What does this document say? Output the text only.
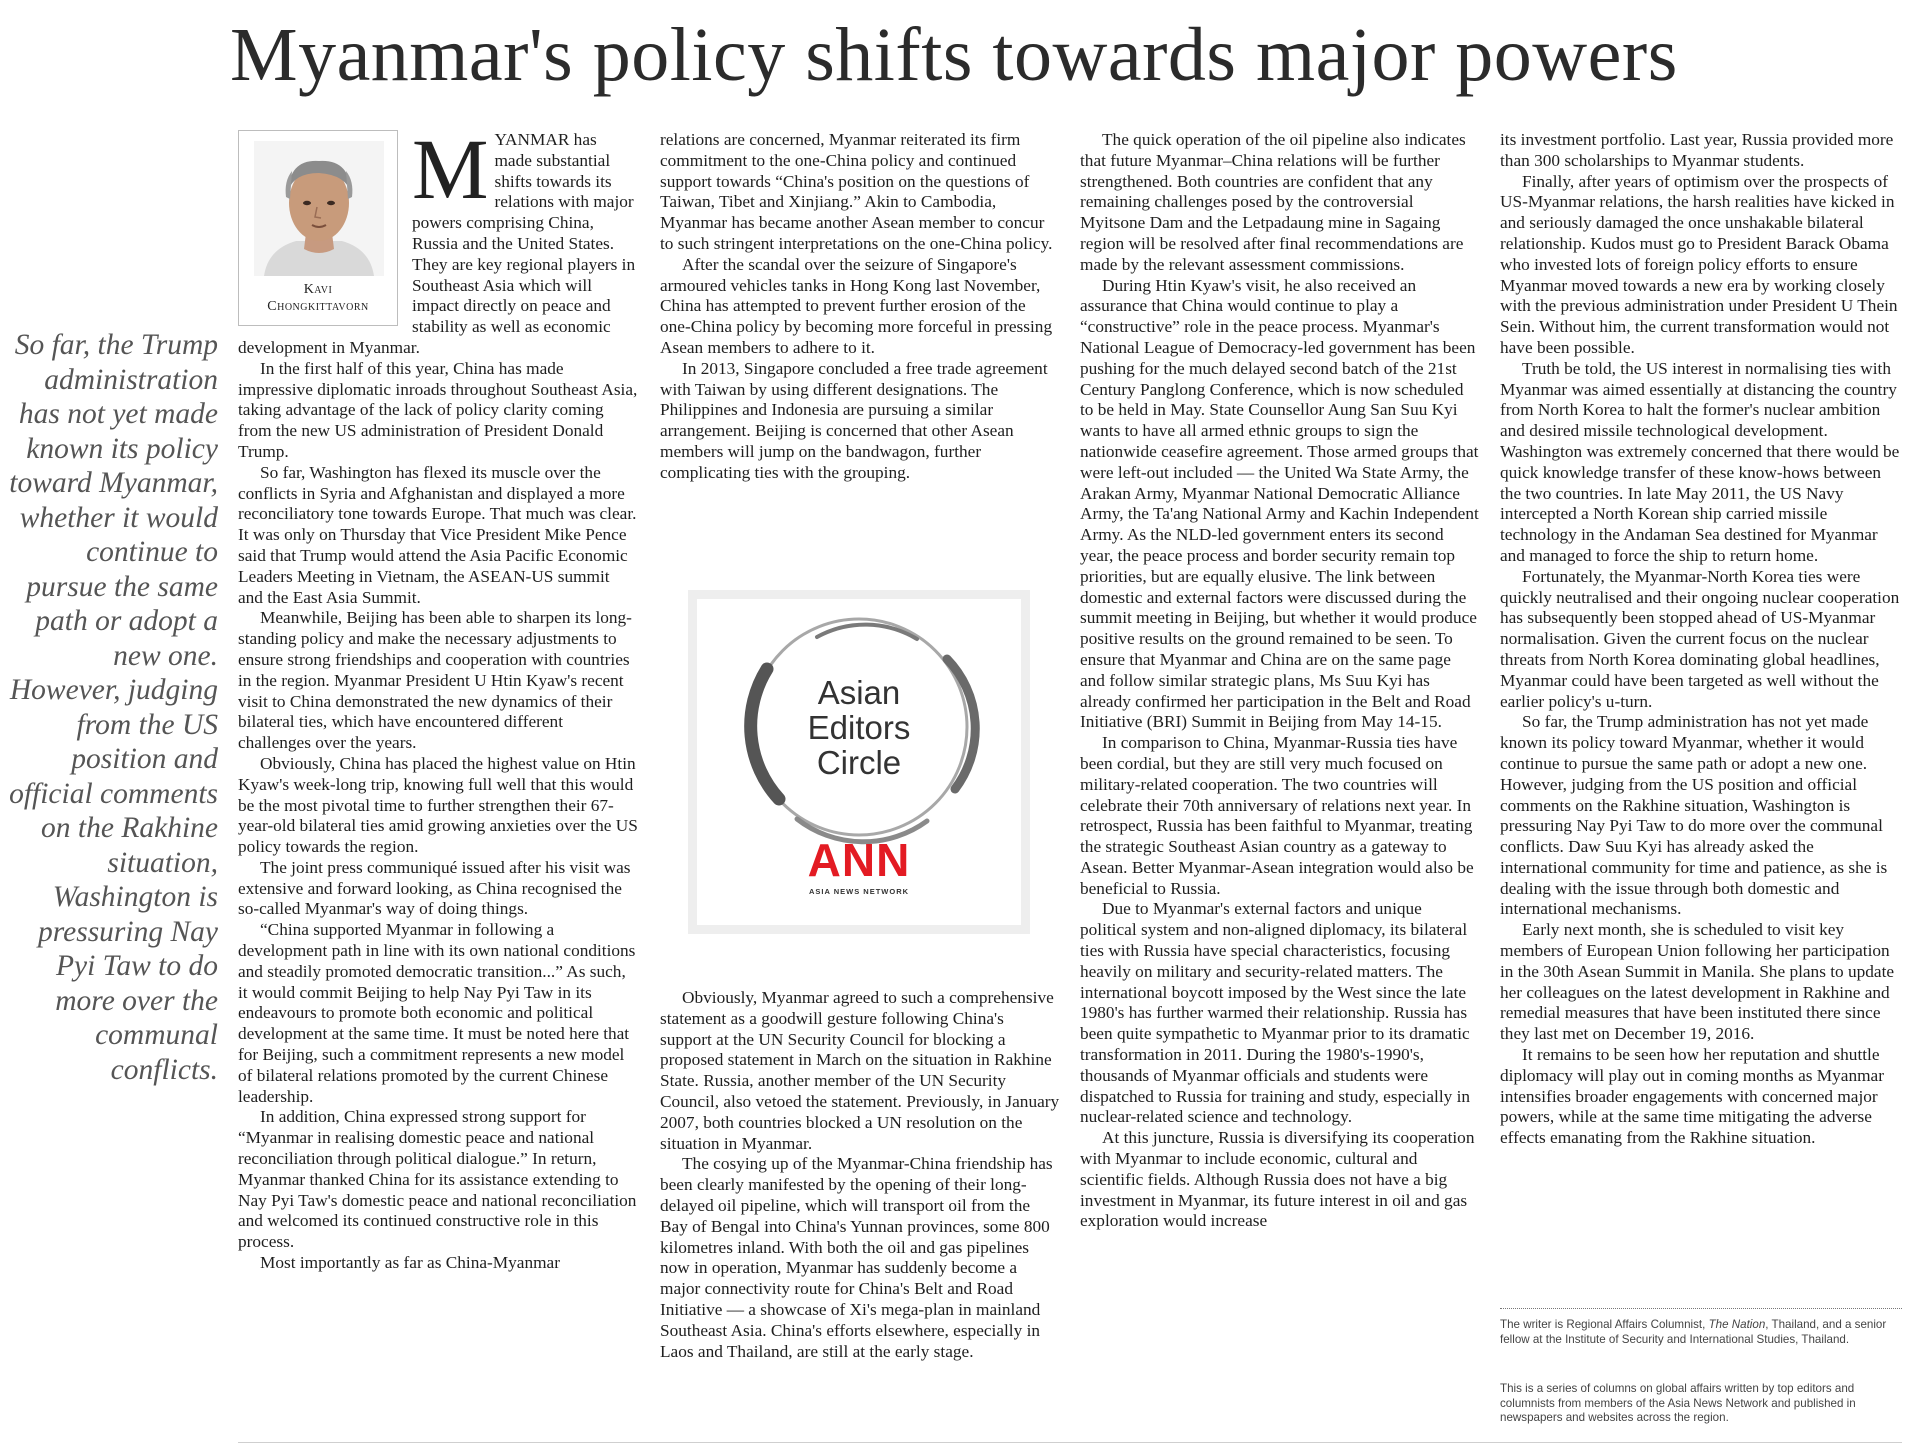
Myanmar's policy shifts towards major powers

So far, the Trump administration has not yet made known its policy toward Myanmar, whether it would continue to pursue the same path or adopt a new one. However, judging from the US position and official comments on the Rakhine situation, Washington is pressuring Nay Pyi Taw to do more over the communal conflicts.

Kavi
Chongkittavorn
M YANMAR has made substantial shifts towards its relations with major powers comprising China, Russia and the United States. They are key regional players in Southeast Asia which will impact directly on peace and stability as well as economic development in Myanmar.

In the first half of this year, China has made impressive diplomatic inroads throughout Southeast Asia, taking advantage of the lack of policy clarity coming from the new US administration of President Donald Trump.

So far, Washington has flexed its muscle over the conflicts in Syria and Afghanistan and displayed a more reconciliatory tone towards Europe. That much was clear. It was only on Thursday that Vice President Mike Pence said that Trump would attend the Asia Pacific Economic Leaders Meeting in Vietnam, the ASEAN-US summit and the East Asia Summit.

Meanwhile, Beijing has been able to sharpen its long-standing policy and make the necessary adjustments to ensure strong friendships and cooperation with countries in the region. Myanmar President U Htin Kyaw's recent visit to China demonstrated the new dynamics of their bilateral ties, which have encountered different challenges over the years.

Obviously, China has placed the highest value on Htin Kyaw's week-long trip, knowing full well that this would be the most pivotal time to further strengthen their 67-year-old bilateral ties amid growing anxieties over the US policy towards the region.

The joint press communiqué issued after his visit was extensive and forward looking, as China recognised the so-called Myanmar's way of doing things.

“China supported Myanmar in following a development path in line with its own national conditions and steadily promoted democratic transition...” As such, it would commit Beijing to help Nay Pyi Taw in its endeavours to promote both economic and political development at the same time. It must be noted here that for Beijing, such a commitment represents a new model of bilateral relations promoted by the current Chinese leadership.

In addition, China expressed strong support for “Myanmar in realising domestic peace and national reconciliation through political dialogue.” In return, Myanmar thanked China for its assistance extending to Nay Pyi Taw's domestic peace and national reconciliation and welcomed its continued constructive role in this process.

Most importantly as far as China-Myanmar

relations are concerned, Myanmar reiterated its firm commitment to the one-China policy and continued support towards “China's position on the questions of Taiwan, Tibet and Xinjiang.” Akin to Cambodia, Myanmar has became another Asean member to concur to such stringent interpretations on the one-China policy.

After the scandal over the seizure of Singapore's armoured vehicles tanks in Hong Kong last November, China has attempted to prevent further erosion of the one-China policy by becoming more forceful in pressing Asean members to adhere to it.

In 2013, Singapore concluded a free trade agreement with Taiwan by using different designations. The Philippines and Indonesia are pursuing a similar arrangement. Beijing is concerned that other Asean members will jump on the bandwagon, further complicating ties with the grouping.

Asian
Editors
Circle
ANN
ASIA NEWS NETWORK

Obviously, Myanmar agreed to such a comprehensive statement as a goodwill gesture following China's support at the UN Security Council for blocking a proposed statement in March on the situation in Rakhine State. Russia, another member of the UN Security Council, also vetoed the statement. Previously, in January 2007, both countries blocked a UN resolution on the situation in Myanmar.

The cosying up of the Myanmar-China friendship has been clearly manifested by the opening of their long-delayed oil pipeline, which will transport oil from the Bay of Bengal into China's Yunnan provinces, some 800 kilometres inland. With both the oil and gas pipelines now in operation, Myanmar has suddenly become a major connectivity route for China's Belt and Road Initiative — a showcase of Xi's mega-plan in mainland Southeast Asia. China's efforts elsewhere, especially in Laos and Thailand, are still at the early stage.

The quick operation of the oil pipeline also indicates that future Myanmar–China relations will be further strengthened. Both countries are confident that any remaining challenges posed by the controversial Myitsone Dam and the Letpadaung mine in Sagaing region will be resolved after final recommendations are made by the relevant assessment commissions.

During Htin Kyaw's visit, he also received an assurance that China would continue to play a “constructive” role in the peace process. Myanmar's National League of Democracy-led government has been pushing for the much delayed second batch of the 21st Century Panglong Conference, which is now scheduled to be held in May. State Counsellor Aung San Suu Kyi wants to have all armed ethnic groups to sign the nationwide ceasefire agreement. Those armed groups that were left-out included — the United Wa State Army, the Arakan Army, Myanmar National Democratic Alliance Army, the Ta'ang National Army and Kachin Independent Army. As the NLD-led government enters its second year, the peace process and border security remain top priorities, but are equally elusive. The link between domestic and external factors were discussed during the summit meeting in Beijing, but whether it would produce positive results on the ground remained to be seen. To ensure that Myanmar and China are on the same page and follow similar strategic plans, Ms Suu Kyi has already confirmed her participation in the Belt and Road Initiative (BRI) Summit in Beijing from May 14-15.

In comparison to China, Myanmar-Russia ties have been cordial, but they are still very much focused on military-related cooperation. The two countries will celebrate their 70th anniversary of relations next year. In retrospect, Russia has been faithful to Myanmar, treating the strategic Southeast Asian country as a gateway to Asean. Better Myanmar-Asean integration would also be beneficial to Russia.

Due to Myanmar's external factors and unique political system and non-aligned diplomacy, its bilateral ties with Russia have special characteristics, focusing heavily on military and security-related matters. The international boycott imposed by the West since the late 1980's has further warmed their relationship. Russia has been quite sympathetic to Myanmar prior to its dramatic transformation in 2011. During the 1980's-1990's, thousands of Myanmar officials and students were dispatched to Russia for training and study, especially in nuclear-related science and technology.

At this juncture, Russia is diversifying its cooperation with Myanmar to include economic, cultural and scientific fields. Although Russia does not have a big investment in Myanmar, its future interest in oil and gas exploration would increase

its investment portfolio. Last year, Russia provided more than 300 scholarships to Myanmar students.

Finally, after years of optimism over the prospects of US-Myanmar relations, the harsh realities have kicked in and seriously damaged the once unshakable bilateral relationship. Kudos must go to President Barack Obama who invested lots of foreign policy efforts to ensure Myanmar moved towards a new era by working closely with the previous administration under President U Thein Sein. Without him, the current transformation would not have been possible.

Truth be told, the US interest in normalising ties with Myanmar was aimed essentially at distancing the country from North Korea to halt the former's nuclear ambition and desired missile technological development. Washington was extremely concerned that there would be quick knowledge transfer of these know-hows between the two countries. In late May 2011, the US Navy intercepted a North Korean ship carried missile technology in the Andaman Sea destined for Myanmar and managed to force the ship to return home.

Fortunately, the Myanmar-North Korea ties were quickly neutralised and their ongoing nuclear cooperation has subsequently been stopped ahead of US-Myanmar normalisation. Given the current focus on the nuclear threats from North Korea dominating global headlines, Myanmar could have been targeted as well without the earlier policy's u-turn.

So far, the Trump administration has not yet made known its policy toward Myanmar, whether it would continue to pursue the same path or adopt a new one. However, judging from the US position and official comments on the Rakhine situation, Washington is pressuring Nay Pyi Taw to do more over the communal conflicts. Daw Suu Kyi has already asked the international community for time and patience, as she is dealing with the issue through both domestic and international mechanisms.

Early next month, she is scheduled to visit key members of European Union following her participation in the 30th Asean Summit in Manila. She plans to update her colleagues on the latest development in Rakhine and remedial measures that have been instituted there since they last met on December 19, 2016.

It remains to be seen how her reputation and shuttle diplomacy will play out in coming months as Myanmar intensifies broader engagements with concerned major powers, while at the same time mitigating the adverse effects emanating from the Rakhine situation.

The writer is Regional Affairs Columnist, The Nation, Thailand, and a senior fellow at the Institute of Security and International Studies, Thailand.

This is a series of columns on global affairs written by top editors and columnists from members of the Asia News Network and published in newspapers and websites across the region.
